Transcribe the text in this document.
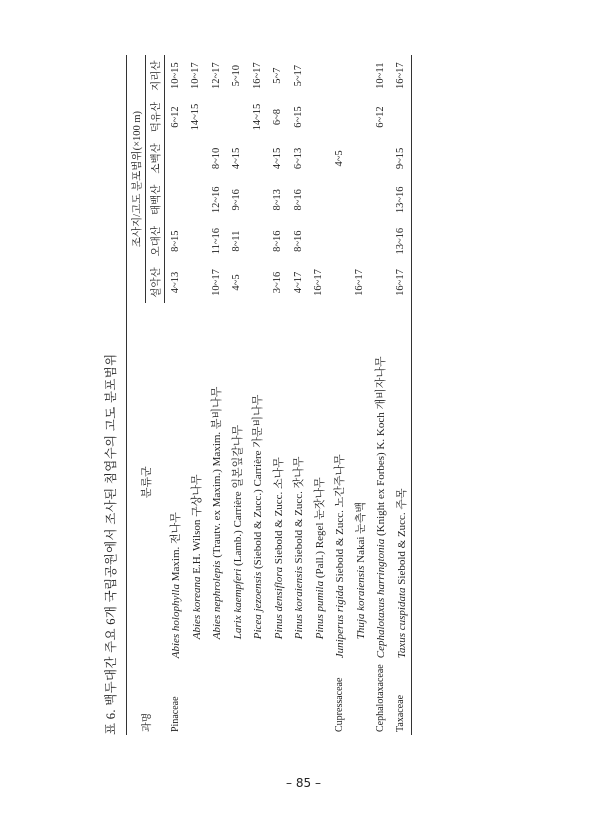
표 6. 백두대간 주요 6개 국립공원에서 조사된 침엽수의 고도 분포범위	과명	분류군	조사지/고도 분포범위(×100 m)					
		설악산	오대산	태백산	소백산	덕유산	지리산
Pinaceae	Abies holophylla Maxim. 전나무	4~13	8~15			6~12	10~15
	Abies koreana E.H. Wilson 구상나무					14~15	10~17
	Abies nephrolepis (Trautv. ex Maxim.) Maxim. 분비나무	10~17	11~16	12~16	8~10		12~17
	Larix kaempferi (Lamb.) Carrière 일본잎갈나무	4~5	8~11	9~16	4~15		5~10
	Picea jezoensis (Siebold & Zucc.) Carrière 가문비나무					14~15	16~17
	Pinus densiflora Siebold & Zucc. 소나무	3~16	8~16	8~13	4~15	6~8	5~7
	Pinus koraiensis Siebold & Zucc. 잣나무	4~17	8~16	8~16	6~13	6~15	5~17
	Pinus pumila (Pall.) Regel 눈잣나무	16~17					
Cupressaceae	Juniperus rigida Siebold & Zucc. 노간주나무				4~5		
	Thuja koraiensis Nakai 눈측백	16~17					
Cephalotaxaceae	Cephalotaxus harringtonia (Knight ex Forbes) K. Koch 개비자나무					6~12	10~11
Taxaceae	Taxus cuspidata Siebold & Zucc. 주목	16~17	13~16	13~16	9~15		16~17
– 85 –
